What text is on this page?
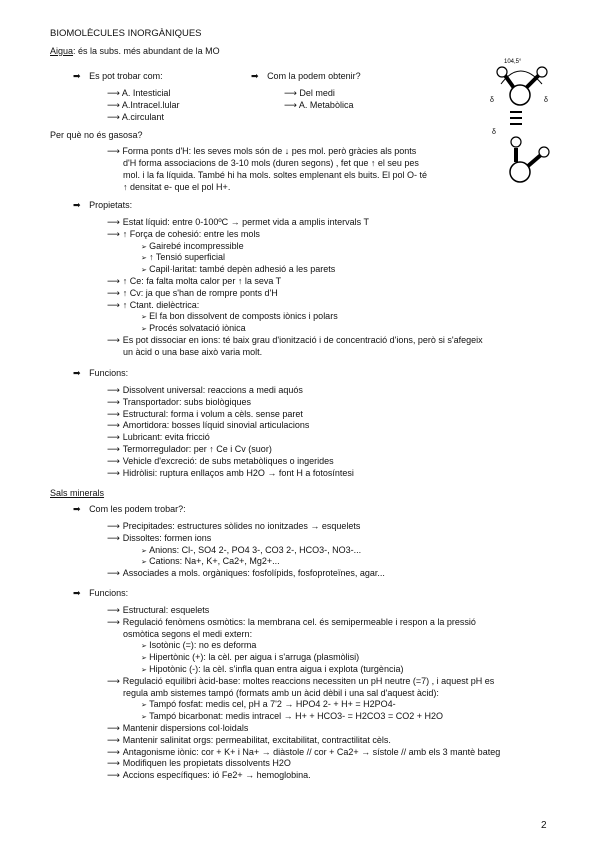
BIOMOLÈCULES INORGÀNIQUES
Aigua: és la subs. més abundant de la MO
➡ Es pot trobar com:	➡ Com la podem obtenir?
⟶ A. Intesticial
⟶ A.Intracel.lular
⟶ A.circulant
⟶ Del medi
⟶ A. Metabòlica
Per què no és gasosa?
⟶ Forma ponts d'H: les seves mols són de ↓ pes mol. però gràcies als ponts
d'H forma associacions de 3-10 mols (duren segons) , fet que ↑ el seu pes
mol. i la fa líquida. També hi ha mols. soltes emplenant els buits. El pol O- té
↑ densitat e- que el pol H+.
➡ Propietats:
⟶ Estat líquid: entre 0-100ºC → permet vida a amplis intervals T
⟶ ↑ Força de cohesió: entre les mols
➢ Gairebé incompressible
➢ ↑ Tensió superficial
➢ Capil·laritat: també depèn adhesió a les parets
⟶ ↑ Ce: fa falta molta calor per ↑ la seva T
⟶ ↑ Cv: ja que s'han de rompre ponts d'H
⟶ ↑ Ctant. dielèctrica:
➢ El fa bon dissolvent de composts iònics i polars
➢ Procés solvatació iònica
⟶ Es pot dissociar en ions: té baix grau d'ionització i de concentració d'ions, però si s'afegeix
un àcid o una base això varia molt.
➡ Funcions:
⟶ Dissolvent universal: reaccions a medi aquós
⟶ Transportador: subs biològiques
⟶ Estructural: forma i volum a cèls. sense paret
⟶ Amortidora: bosses líquid sinovial articulacions
⟶ Lubricant: evita fricció
⟶ Termorregulador: per ↑ Ce i Cv (suor)
⟶ Vehicle d'excreció: de subs metabòliques o ingerides
⟶ Hidròlisi: ruptura enllaços amb H2O → font H a fotosíntesi
Sals minerals
➡ Com les podem trobar?:
⟶ Precipitades: estructures sòlides no ionitzades → esquelets
⟶ Dissoltes: formen ions
➢ Anions: Cl-, SO4 2-, PO4 3-, CO3 2-, HCO3-, NO3-...
➢ Cations: Na+, K+, Ca2+, Mg2+...
⟶ Associades a mols. orgàniques: fosfolípids, fosfoproteïnes, agar...
➡ Funcions:
⟶ Estructural: esquelets
⟶ Regulació fenòmens osmòtics: la membrana cel. és semipermeable i respon a la pressió
osmòtica segons el medi extern:
➢ Isotònic (=): no es deforma
➢ Hipertònic (+): la cèl. per aigua i s'arruga (plasmòlisi)
➢ Hipotònic (-): la cèl. s'infla quan entra aigua i explota (turgència)
⟶ Regulació equilibri àcid-base: moltes reaccions necessiten un pH neutre (=7) , i aquest pH es
regula amb sistemes tampó (formats amb un àcid dèbil i una sal d'aquest àcid):
➢ Tampó fosfat: medis cel, pH a 7'2 → HPO4 2- + H+ = H2PO4-
➢ Tampó bicarbonat: medis intracel → H+ + HCO3- = H2CO3 = CO2 + H2O
⟶ Mantenir dispersions col·loidals
⟶ Mantenir salinitat orgs: permeabilitat, excitabilitat, contractilitat cèls.
⟶ Antagonisme iònic: cor + K+ i Na+ → diàstole // cor + Ca2+ → sístole // amb els 3 mantè bateg
⟶ Modifiquen les propietats dissolvents H2O
⟶ Accions específiques: ió Fe2+ → hemoglobina.
104,5°
δ	δ
δ
2
